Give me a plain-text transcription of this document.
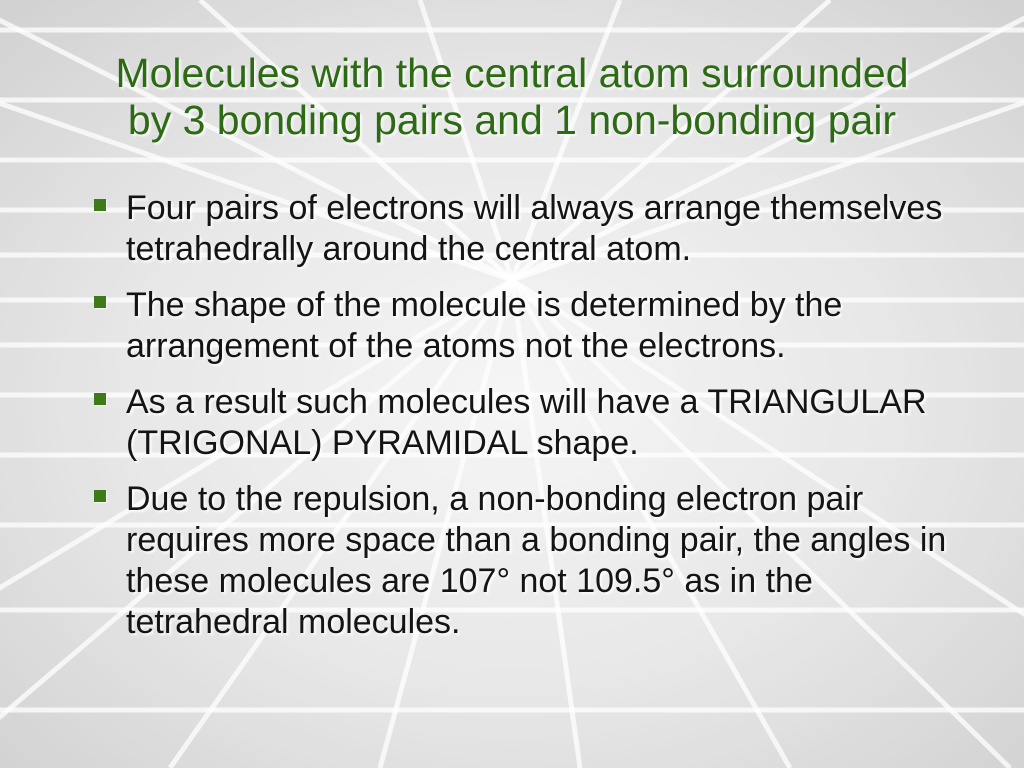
Molecules with the central atom surrounded
by 3 bonding pairs and 1 non-bonding pair
Four pairs of electrons will always arrange themselves tetrahedrally around the central atom.
The shape of the molecule is determined by the arrangement of the atoms not the electrons.
As a result such molecules will have a TRIANGULAR (TRIGONAL) PYRAMIDAL shape.
Due to the repulsion, a non-bonding electron pair requires more space than a bonding pair, the angles in these molecules are 107° not 109.5° as in the tetrahedral molecules.
